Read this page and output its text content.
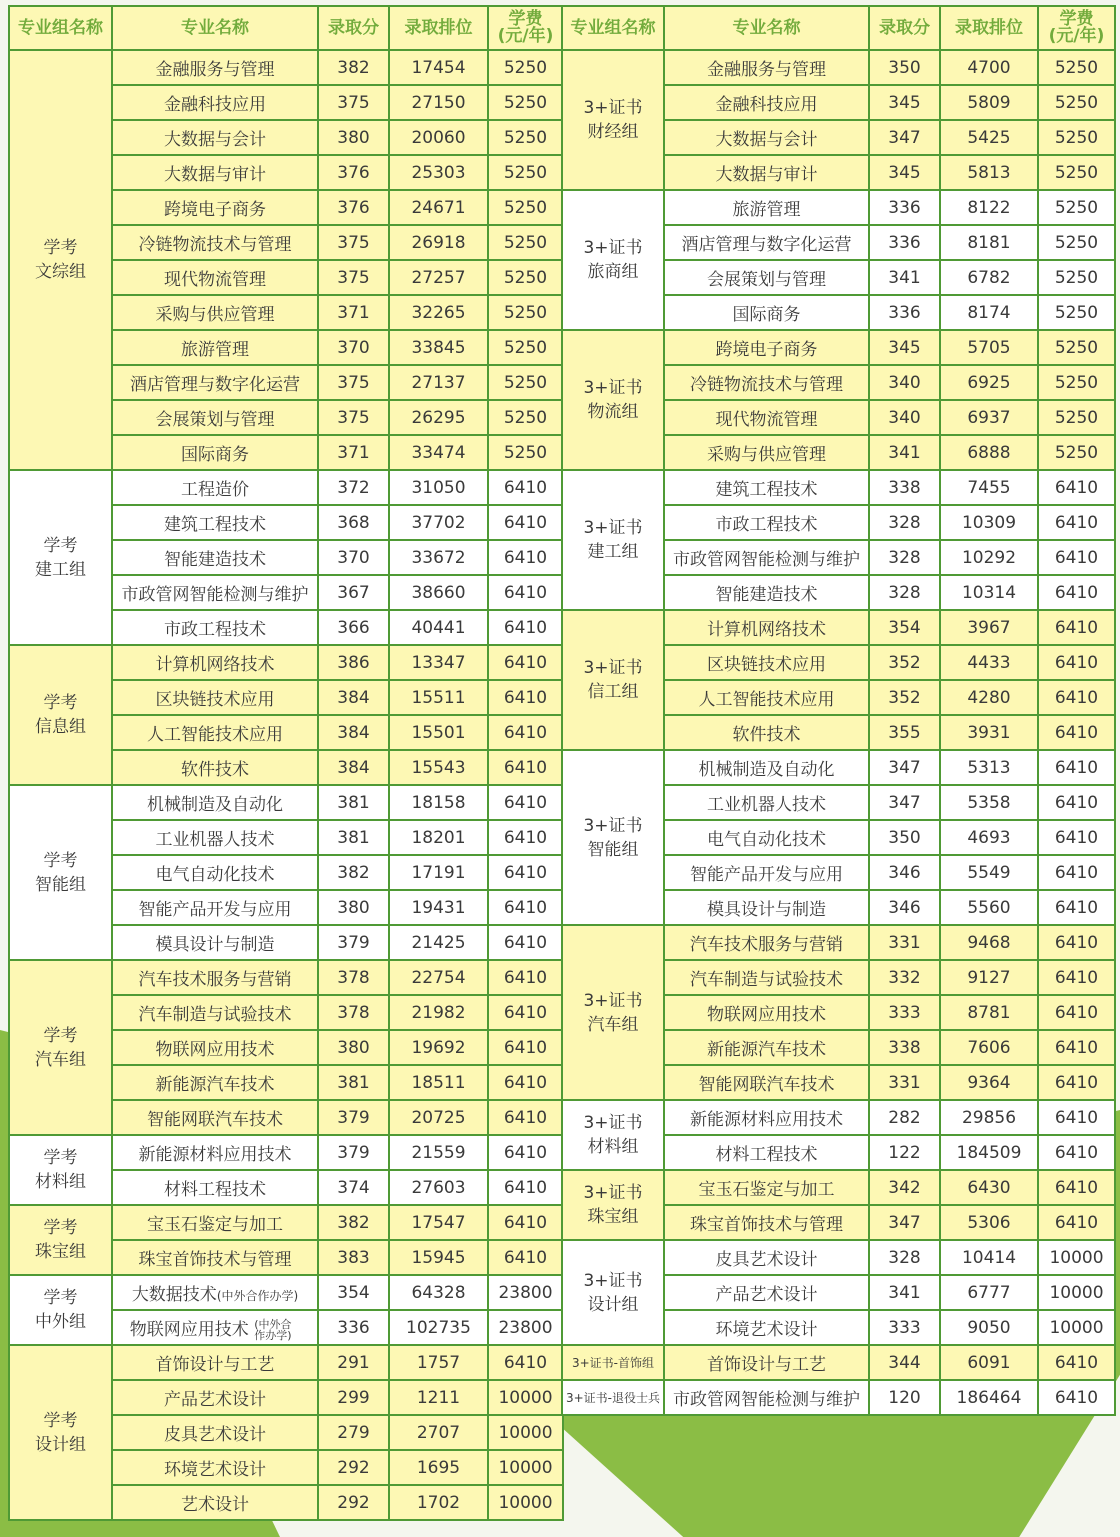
专业组名称	专业名称	录取分	录取排位	学费
(元/年)
学考
文综组	金融服务与管理	382	17454	5250
	金融科技应用	375	27150	5250
	大数据与会计	380	20060	5250
	大数据与审计	376	25303	5250
	跨境电子商务	376	24671	5250
	冷链物流技术与管理	375	26918	5250
	现代物流管理	375	27257	5250
	采购与供应管理	371	32265	5250
	旅游管理	370	33845	5250
	酒店管理与数字化运营	375	27137	5250
	会展策划与管理	375	26295	5250
	国际商务	371	33474	5250
学考
建工组	工程造价	372	31050	6410
	建筑工程技术	368	37702	6410
	智能建造技术	370	33672	6410
	市政管网智能检测与维护	367	38660	6410
	市政工程技术	366	40441	6410
学考
信息组	计算机网络技术	386	13347	6410
	区块链技术应用	384	15511	6410
	人工智能技术应用	384	15501	6410
	软件技术	384	15543	6410
学考
智能组	机械制造及自动化	381	18158	6410
	工业机器人技术	381	18201	6410
	电气自动化技术	382	17191	6410
	智能产品开发与应用	380	19431	6410
	模具设计与制造	379	21425	6410
学考
汽车组	汽车技术服务与营销	378	22754	6410
	汽车制造与试验技术	378	21982	6410
	物联网应用技术	380	19692	6410
	新能源汽车技术	381	18511	6410
	智能网联汽车技术	379	20725	6410
学考
材料组	新能源材料应用技术	379	21559	6410
	材料工程技术	374	27603	6410
学考
珠宝组	宝玉石鉴定与加工	382	17547	6410
	珠宝首饰技术与管理	383	15945	6410
学考
中外组	大数据技术(中外合作办学)	354	64328	23800
	物联网应用技术 (中外合作办学)	336	102735	23800
学考
设计组	首饰设计与工艺	291	1757	6410
	产品艺术设计	299	1211	10000
	皮具艺术设计	279	2707	10000
	环境艺术设计	292	1695	10000
	艺术设计	292	1702	10000
专业组名称	专业名称	录取分	录取排位	学费
(元/年)
3+证书
财经组	金融服务与管理	350	4700	5250
	金融科技应用	345	5809	5250
	大数据与会计	347	5425	5250
	大数据与审计	345	5813	5250
3+证书
旅商组	旅游管理	336	8122	5250
	酒店管理与数字化运营	336	8181	5250
	会展策划与管理	341	6782	5250
	国际商务	336	8174	5250
3+证书
物流组	跨境电子商务	345	5705	5250
	冷链物流技术与管理	340	6925	5250
	现代物流管理	340	6937	5250
	采购与供应管理	341	6888	5250
3+证书
建工组	建筑工程技术	338	7455	6410
	市政工程技术	328	10309	6410
	市政管网智能检测与维护	328	10292	6410
	智能建造技术	328	10314	6410
3+证书
信工组	计算机网络技术	354	3967	6410
	区块链技术应用	352	4433	6410
	人工智能技术应用	352	4280	6410
	软件技术	355	3931	6410
3+证书
智能组	机械制造及自动化	347	5313	6410
	工业机器人技术	347	5358	6410
	电气自动化技术	350	4693	6410
	智能产品开发与应用	346	5549	6410
	模具设计与制造	346	5560	6410
3+证书
汽车组	汽车技术服务与营销	331	9468	6410
	汽车制造与试验技术	332	9127	6410
	物联网应用技术	333	8781	6410
	新能源汽车技术	338	7606	6410
	智能网联汽车技术	331	9364	6410
3+证书
材料组	新能源材料应用技术	282	29856	6410
	材料工程技术	122	184509	6410
3+证书
珠宝组	宝玉石鉴定与加工	342	6430	6410
	珠宝首饰技术与管理	347	5306	6410
3+证书
设计组	皮具艺术设计	328	10414	10000
	产品艺术设计	341	6777	10000
	环境艺术设计	333	9050	10000
3+证书-首饰组	首饰设计与工艺	344	6091	6410
3+证书-退役士兵	市政管网智能检测与维护	120	186464	6410
